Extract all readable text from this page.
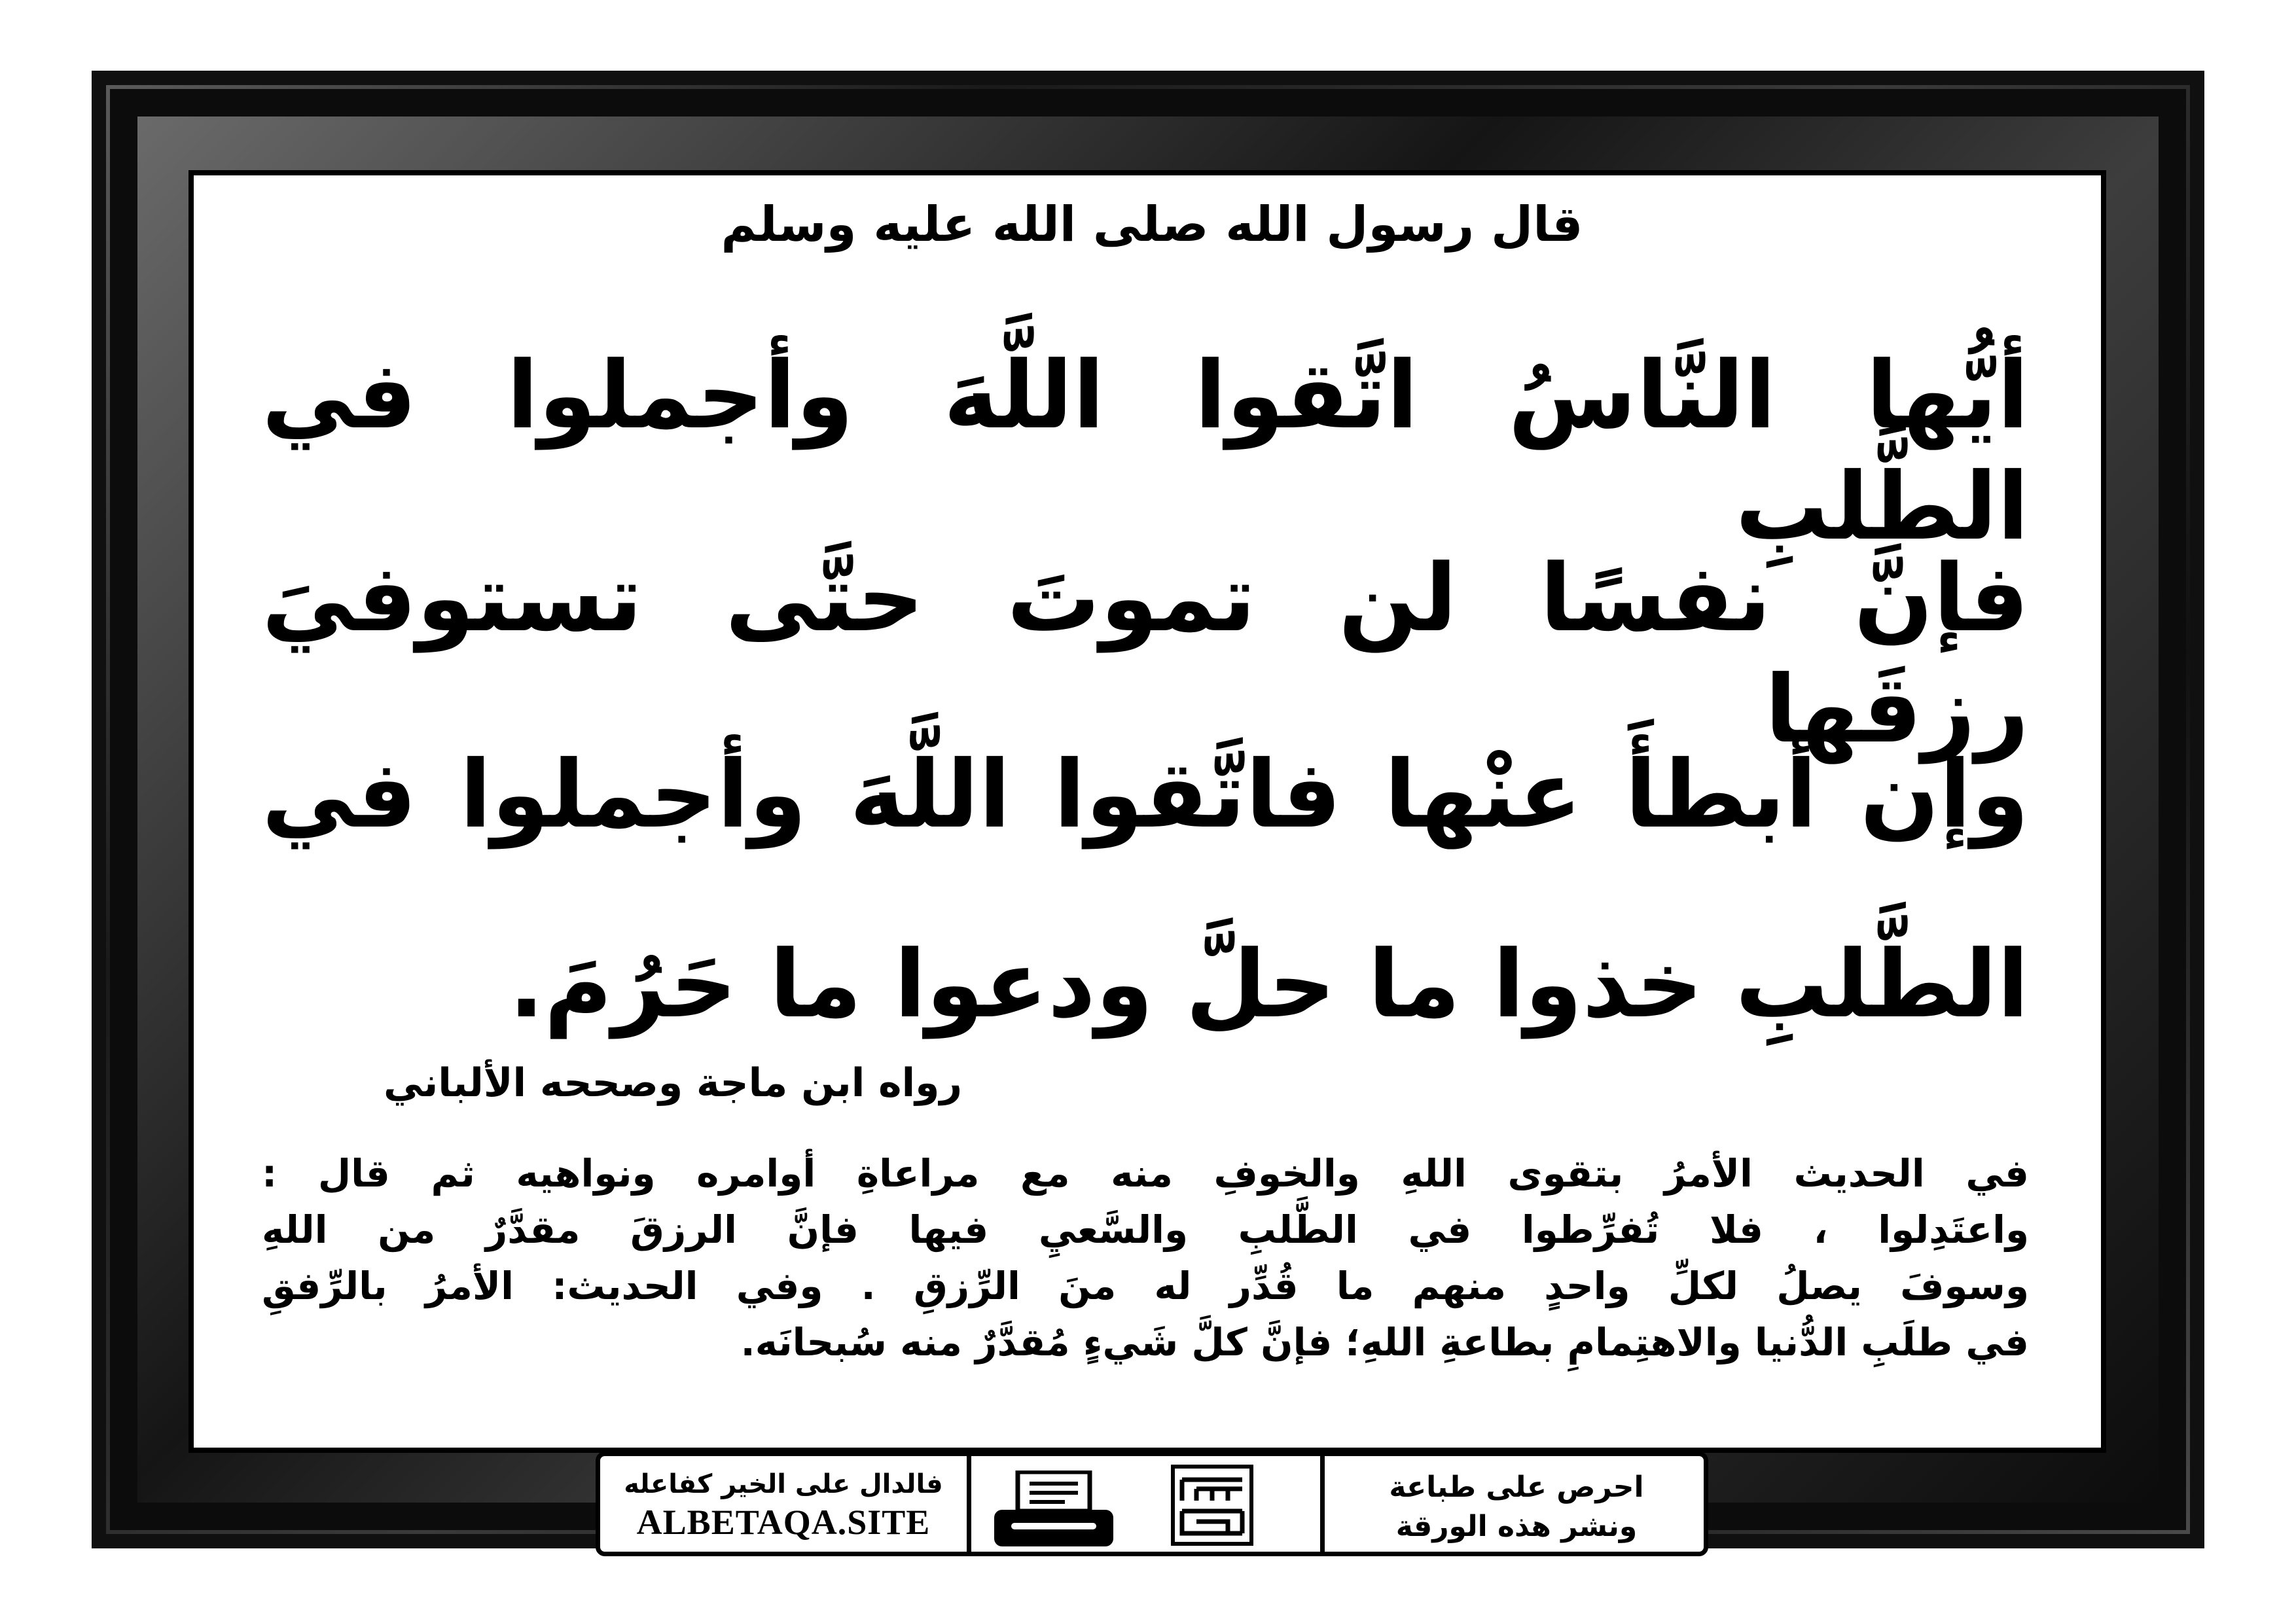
قال رسول الله صلى الله عليه وسلم
أيُّها النَّاسُ اتَّقوا اللَّهَ وأجملوا في الطَّلبِ
فإنَّ نفسًا لن تموتَ حتَّى تستوفيَ رزقَها
وإن أبطأَ عنْها فاتَّقوا اللَّهَ وأجملوا في
الطَّلبِ خذوا ما حلَّ ودعوا ما حَرُمَ.
رواه ابن ماجة وصححه الألباني
في الحديث الأمرُ بتقوى اللهِ والخوفِ منه مع مراعاةِ أوامره ونواهيه ثم قال :
واعتَدِلوا ، فلا تُفرِّطوا في الطَّلبِ والسَّعيِ فيها فإنَّ الرزقَ مقدَّرٌ من اللهِ
وسوفَ يصلُ لكلِّ واحدٍ منهم ما قُدِّر له منَ الرِّزقِ . وفي الحديث: الأمرُ بالرِّفقِ
في طلَبِ الدُّنيا والاهتِمامِ بطاعةِ اللهِ؛ فإنَّ كلَّ شَيءٍ مُقدَّرٌ منه سُبحانَه.
فالدال على الخير كفاعله
ALBETAQA.SITE
احرص على طباعة
ونشر هذه الورقة
